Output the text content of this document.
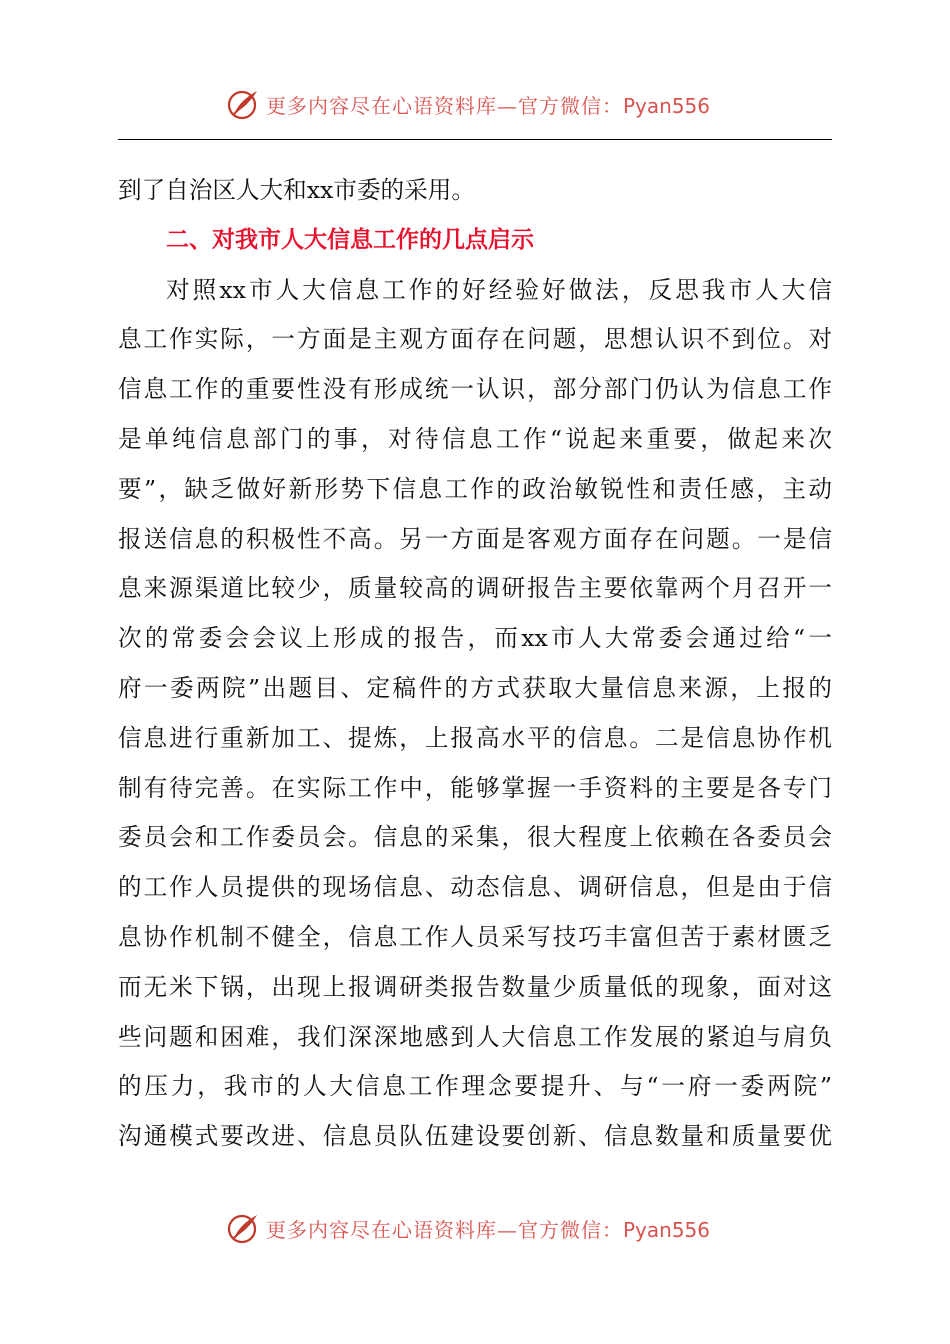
更多内容尽在心语资料库—官方微信：Pyan556
到了自治区人大和xx市委的采用。
二、对我市人大信息工作的几点启示
对照xx市人大信息工作的好经验好做法，反思我市人大信
息工作实际，一方面是主观方面存在问题，思想认识不到位。对
信息工作的重要性没有形成统一认识，部分部门仍认为信息工作
是单纯信息部门的事，对待信息工作“说起来重要，做起来次
要”，缺乏做好新形势下信息工作的政治敏锐性和责任感，主动
报送信息的积极性不高。另一方面是客观方面存在问题。一是信
息来源渠道比较少，质量较高的调研报告主要依靠两个月召开一
次的常委会会议上形成的报告，而xx市人大常委会通过给“一
府一委两院”出题目、定稿件的方式获取大量信息来源，上报的
信息进行重新加工、提炼，上报高水平的信息。二是信息协作机
制有待完善。在实际工作中，能够掌握一手资料的主要是各专门
委员会和工作委员会。信息的采集，很大程度上依赖在各委员会
的工作人员提供的现场信息、动态信息、调研信息，但是由于信
息协作机制不健全，信息工作人员采写技巧丰富但苦于素材匮乏
而无米下锅，出现上报调研类报告数量少质量低的现象，面对这
些问题和困难，我们深深地感到人大信息工作发展的紧迫与肩负
的压力，我市的人大信息工作理念要提升、与“一府一委两院”
沟通模式要改进、信息员队伍建设要创新、信息数量和质量要优
更多内容尽在心语资料库—官方微信：Pyan556
